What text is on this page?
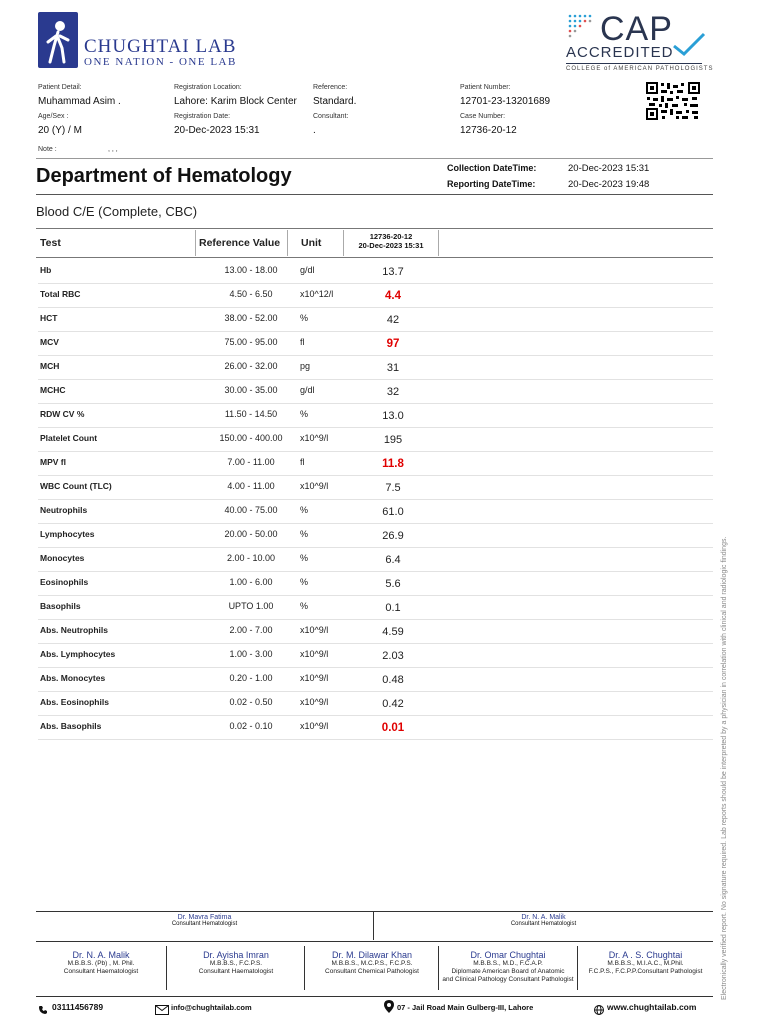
CHUGHTAI LAB
ONE NATION - ONE LAB
CAP
ACCREDITED
COLLEGE of AMERICAN PATHOLOGISTS
Patient Detail:
Muhammad Asim .
Age/Sex :
20 (Y) / M
Note :	, , ,
Registration Location:
Lahore: Karim Block Center
Registration Date:
20-Dec-2023 15:31
Reference:
Standard.
Consultant:
.
Patient Number:
12701-23-13201689
Case Number:
12736-20-12
Department of Hematology	Collection DateTime:	20-Dec-2023 15:31
Reporting DateTime:	20-Dec-2023 19:48
Blood C/E (Complete, CBC)
Test	Reference Value Unit
12736-20-12
20-Dec-2023 15:31
Hb	13.00 - 18.00	g/dl	13.7
Total RBC	4.50 - 6.50	x10^12/l	4.4
HCT	38.00 - 52.00	%	42
MCV	75.00 - 95.00	fl	97
MCH	26.00 - 32.00	pg	31
MCHC	30.00 - 35.00	g/dl	32
RDW CV %	11.50 - 14.50	%	13.0
Platelet Count	150.00 - 400.00	x10^9/l	195
MPV fl	7.00 - 11.00	fl	11.8
WBC Count (TLC)	4.00 - 11.00	x10^9/l	7.5
Neutrophils	40.00 - 75.00	%	61.0
Lymphocytes	20.00 - 50.00	%	26.9
Monocytes	2.00 - 10.00	%	6.4
Eosinophils	1.00 - 6.00	%	5.6
Basophils	UPTO 1.00	%	0.1
Abs. Neutrophils	2.00 - 7.00	x10^9/l	4.59
Abs. Lymphocytes	1.00 - 3.00	x10^9/l	2.03
Abs. Monocytes	0.20 - 1.00	x10^9/l	0.48
Abs. Eosinophils	0.02 - 0.50	x10^9/l	0.42
Abs. Basophils	0.02 - 0.10	x10^9/l	0.01
Dr. Mavra Fatima
Consultant Hematologist
Dr. N. A. Malik
Consultant Hematologist
Dr. N. A. Malik
M.B.B.S. (Pb) , M. Phil.
Consultant Haematologist
Dr. Ayisha Imran
M.B.B.S., F.C.P.S.
Consultant Haematologist
Dr. M. Dilawar Khan
M.B.B.S., M.C.P.S., F.C.P.S.
Consultant Chemical Pathologist
Dr. Omar Chughtai
M.B.B.S., M.D., F.C.A.P.
Diplomate American Board of Anatomic
and Clinical Pathology Consultant Pathologist
Dr. A . S. Chughtai
M.B.B.S., M.I.A.C., M.Phil.
F.C.P.S., F.C.P.P.Consultant Pathologist
03111456789	info@chughtailab.com	07 - Jail Road Main Gulberg-III, Lahore	www.chughtailab.com
Electronically verified report. No signature required. Lab reports should be interpreted by a physician in correlation with clinical and radiologic findings.
